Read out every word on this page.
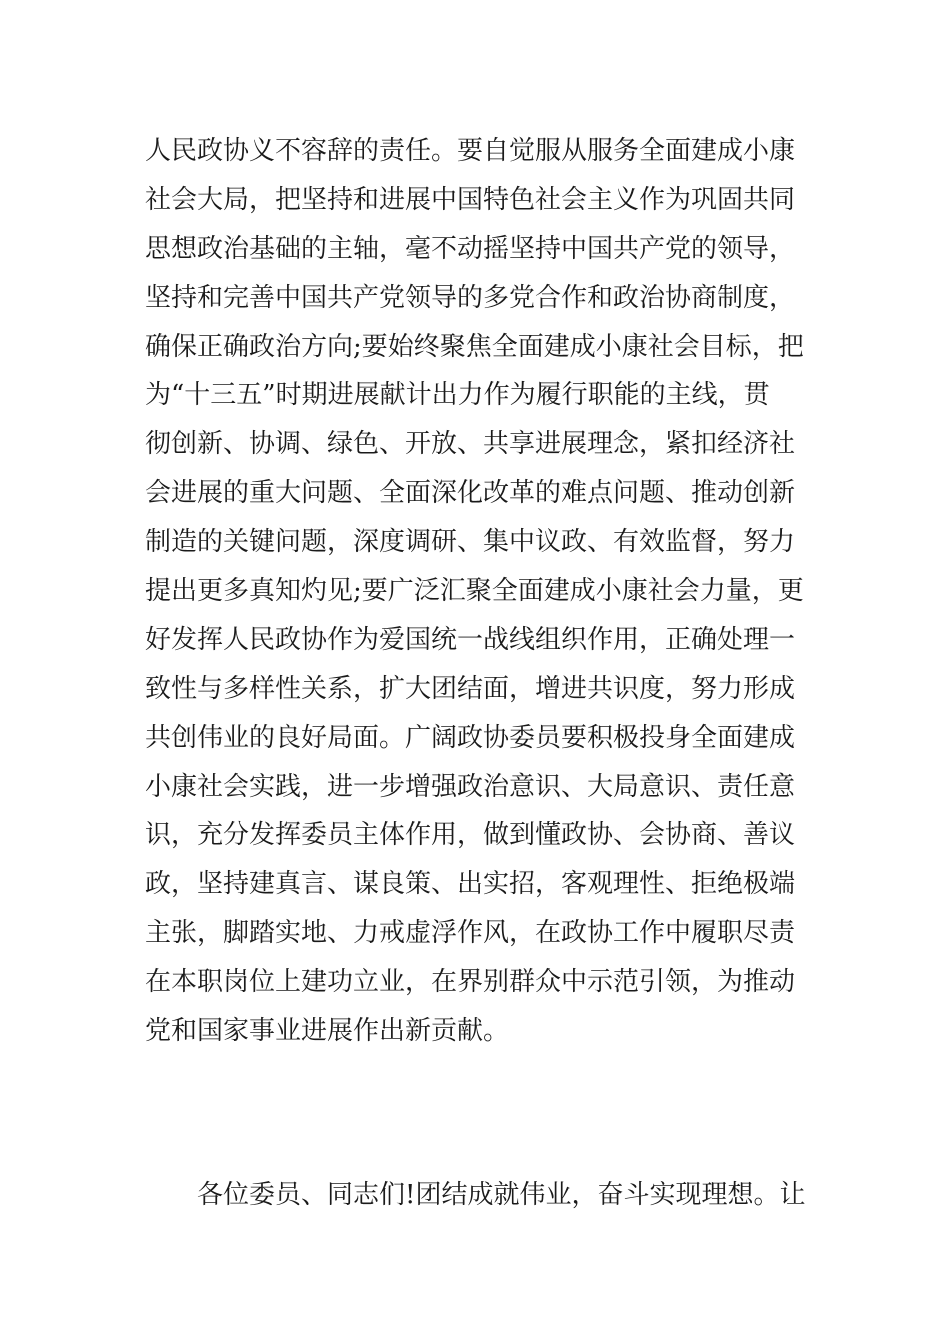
人民政协义不容辞的责任。要自觉服从服务全面建成小康
社会大局，把坚持和进展中国特色社会主义作为巩固共同
思想政治基础的主轴，毫不动摇坚持中国共产党的领导，
坚持和完善中国共产党领导的多党合作和政治协商制度，
确保正确政治方向;要始终聚焦全面建成小康社会目标，把
为“十三五”时期进展献计出力作为履行职能的主线，贯
彻创新、协调、绿色、开放、共享进展理念，紧扣经济社
会进展的重大问题、全面深化改革的难点问题、推动创新
制造的关键问题，深度调研、集中议政、有效监督，努力
提出更多真知灼见;要广泛汇聚全面建成小康社会力量，更
好发挥人民政协作为爱国统一战线组织作用，正确处理一
致性与多样性关系，扩大团结面，增进共识度，努力形成
共创伟业的良好局面。广阔政协委员要积极投身全面建成
小康社会实践，进一步增强政治意识、大局意识、责任意
识，充分发挥委员主体作用，做到懂政协、会协商、善议
政，坚持建真言、谋良策、出实招，客观理性、拒绝极端
主张，脚踏实地、力戒虚浮作风，在政协工作中履职尽责
在本职岗位上建功立业，在界别群众中示范引领，为推动
党和国家事业进展作出新贡献。

各位委员、同志们!团结成就伟业，奋斗实现理想。让
